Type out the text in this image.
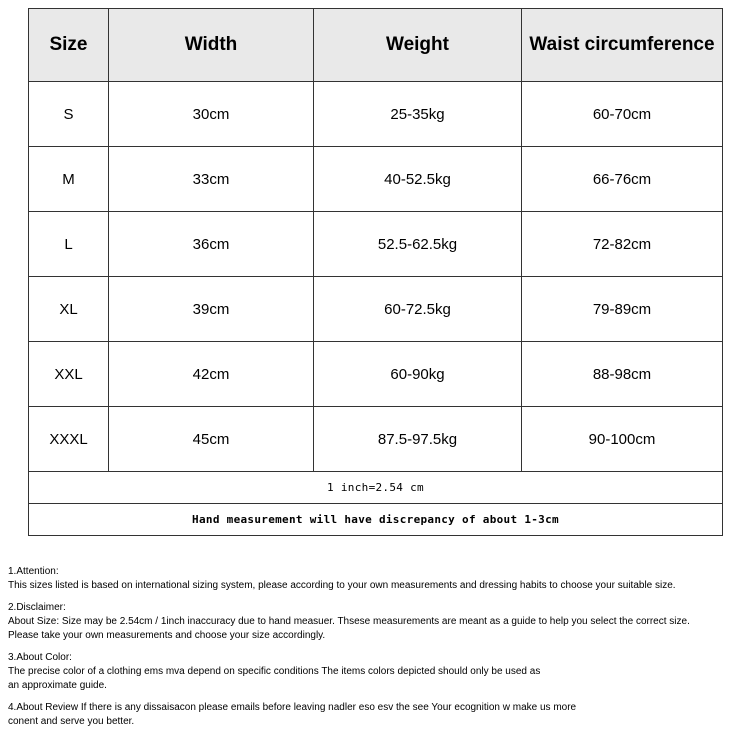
Size	Width	Weight	Waist circumference
S	30cm	25-35kg	60-70cm
M	33cm	40-52.5kg	66-76cm
L	36cm	52.5-62.5kg	72-82cm
XL	39cm	60-72.5kg	79-89cm
XXL	42cm	60-90kg	88-98cm
XXXL	45cm	87.5-97.5kg	90-100cm
1 inch=2.54 cm			
Hand measurement will have discrepancy of about 1-3cm			

1.Attention:

This sizes listed is based on international sizing system, please according to your own measurements and dressing habits to choose your suitable size.

2.Disclaimer:

About Size: Size may be 2.54cm / 1inch inaccuracy due to hand measuer. Thsese measurements are meant as a guide to help you select the correct size.

Please take your own measurements and choose your size accordingly.

3.About Color:

The precise color of a clothing ems mva depend on specific conditions The items colors depicted should only be used as

an approximate guide.

4.About Review If there is any dissaisacon please emails before leaving nadler eso esv the see Your ecognition w make us more

conent and serve you better.
